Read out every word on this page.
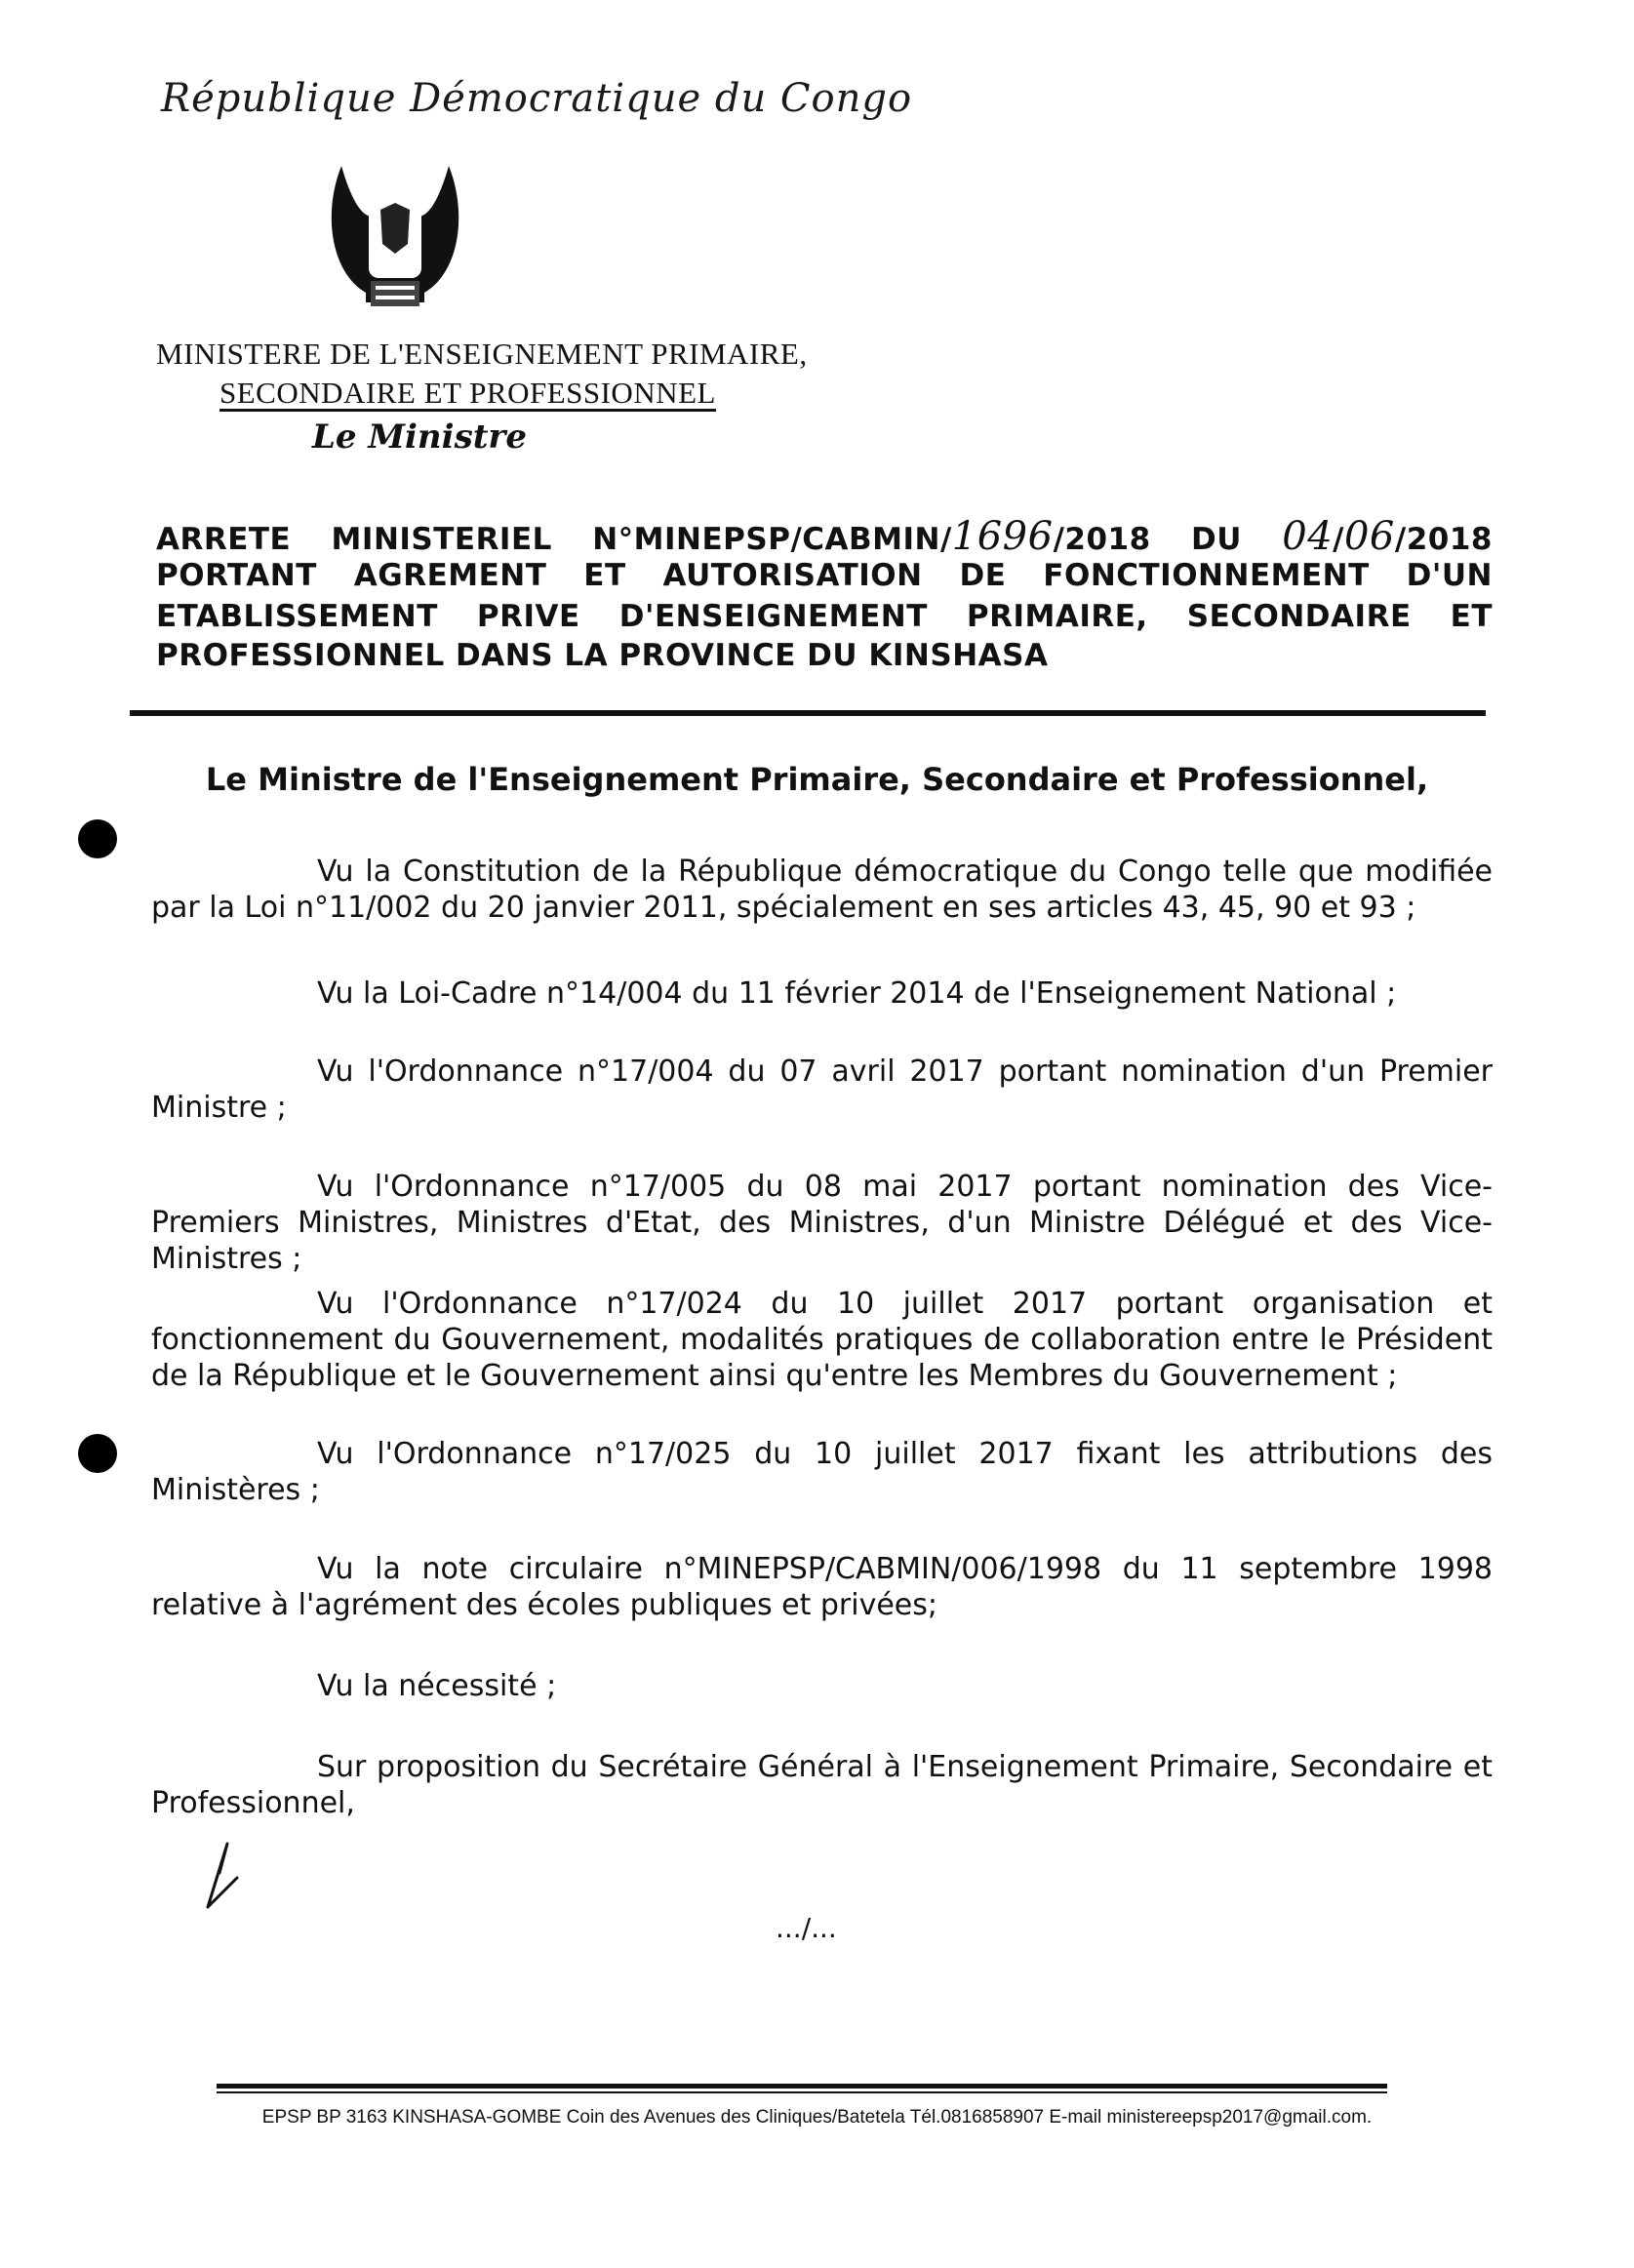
République Démocratique du Congo
MINISTERE DE L'ENSEIGNEMENT PRIMAIRE,
SECONDAIRE ET PROFESSIONNEL
Le Ministre
ARRETE MINISTERIEL N°MINEPSP/CABMIN/1696/2018 DU 04/06/2018
PORTANT AGREMENT ET AUTORISATION DE FONCTIONNEMENT D'UN
ETABLISSEMENT PRIVE D'ENSEIGNEMENT PRIMAIRE, SECONDAIRE ET
PROFESSIONNEL DANS LA PROVINCE DU KINSHASA
Le Ministre de l'Enseignement Primaire, Secondaire et Professionnel,
Vu la Constitution de la République démocratique du Congo telle que modifiée par la Loi n°11/002 du 20 janvier 2011, spécialement en ses articles 43, 45, 90 et 93 ;
Vu la Loi-Cadre n°14/004 du 11 février 2014 de l'Enseignement National ;
Vu l'Ordonnance n°17/004 du 07 avril 2017 portant nomination d'un Premier Ministre ;
Vu l'Ordonnance n°17/005 du 08 mai 2017 portant nomination des Vice-Premiers Ministres, Ministres d'Etat, des Ministres, d'un Ministre Délégué et des Vice-Ministres ;
Vu l'Ordonnance n°17/024 du 10 juillet 2017 portant organisation et fonctionnement du Gouvernement, modalités pratiques de collaboration entre le Président de la République et le Gouvernement ainsi qu'entre les Membres du Gouvernement ;
Vu l'Ordonnance n°17/025 du 10 juillet 2017 fixant les attributions des Ministères ;
Vu la note circulaire n°MINEPSP/CABMIN/006/1998 du 11 septembre 1998 relative à l'agrément des écoles publiques et privées;
Vu la nécessité ;
Sur proposition du Secrétaire Général à l'Enseignement Primaire, Secondaire et Professionnel,
.../...
EPSP BP 3163 KINSHASA-GOMBE Coin des Avenues des Cliniques/Batetela Tél.0816858907 E-mail ministereepsp2017@gmail.com.
